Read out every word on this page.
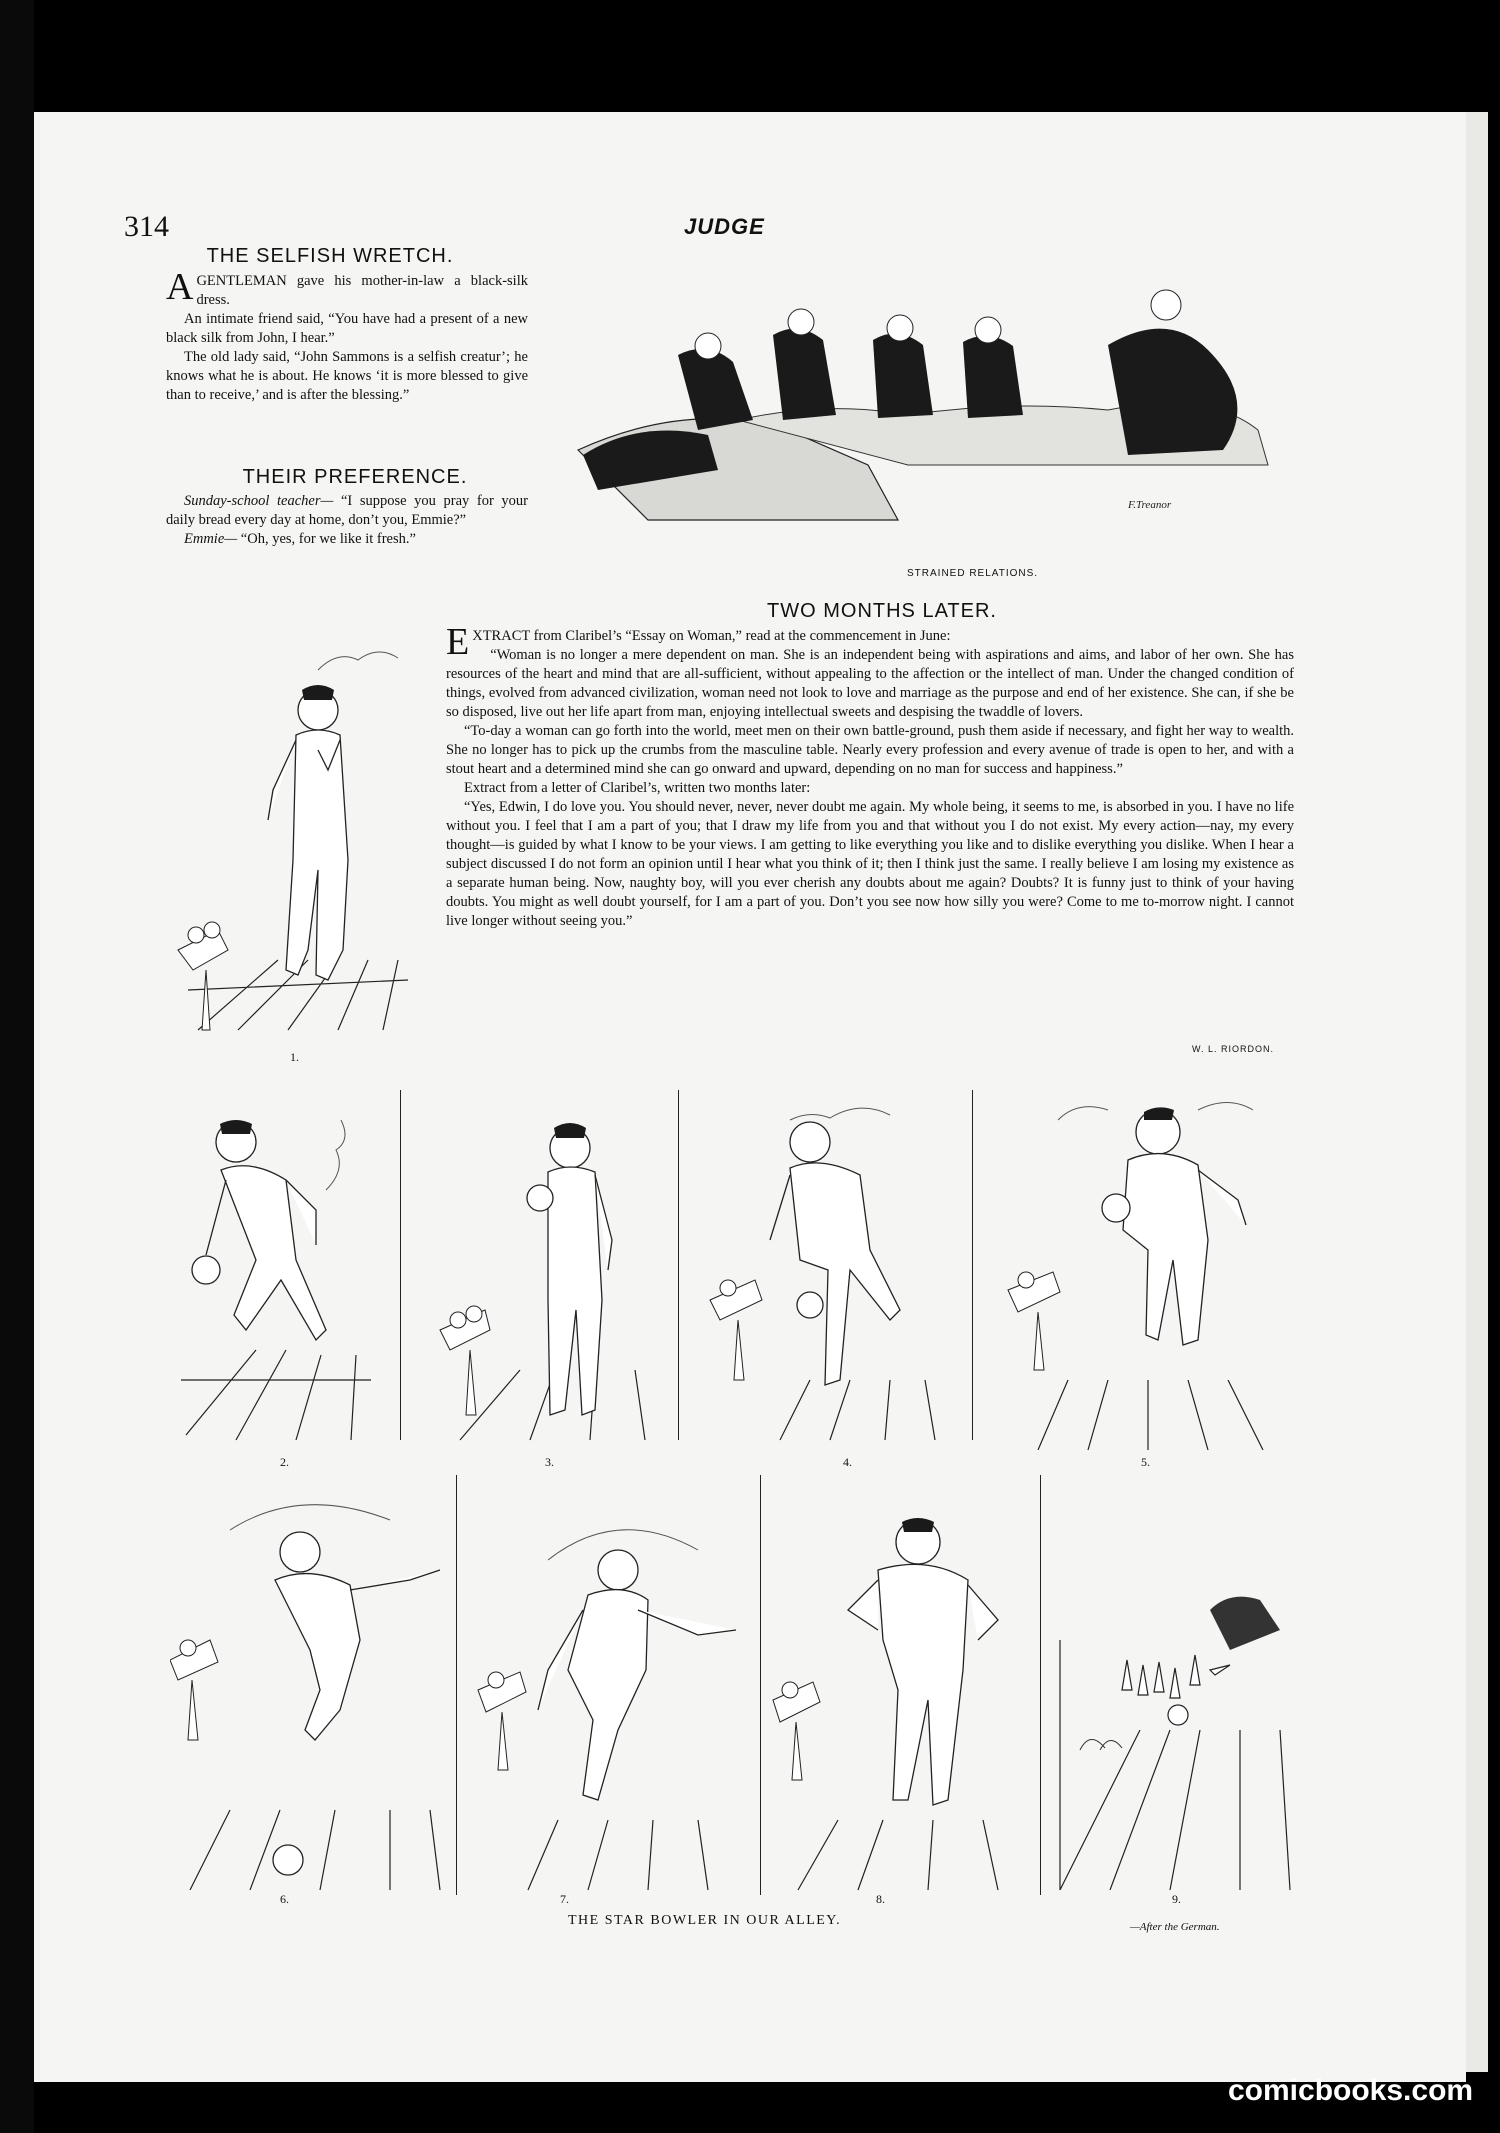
314	JUDGE
THE SELFISH WRETCH.

AGENTLEMAN gave his mother-in-law a black-silk dress.

An intimate friend said, “You have had a present of a new black silk from John, I hear.”

The old lady said, “John Sammons is a selfish creatur’; he knows what he is about. He knows ‘it is more blessed to give than to receive,’ and is after the blessing.”

THEIR PREFERENCE.

Sunday-school teacher— “I suppose you pray for your daily bread every day at home, don’t you, Emmie?”

Emmie— “Oh, yes, for we like it fresh.”

F.Treanor
STRAINED RELATIONS.
TWO MONTHS LATER.

EXTRACT from Claribel’s “Essay on Woman,” read at the commencement in June:

“Woman is no longer a mere dependent on man. She is an independent being with aspirations and aims, and labor of her own. She has resources of the heart and mind that are all-sufficient, without appealing to the affection or the intellect of man. Under the changed condition of things, evolved from advanced civilization, woman need not look to love and marriage as the purpose and end of her existence. She can, if she be so disposed, live out her life apart from man, enjoying intellectual sweets and despising the twaddle of lovers.

“To-day a woman can go forth into the world, meet men on their own battle-ground, push them aside if necessary, and fight her way to wealth. She no longer has to pick up the crumbs from the masculine table. Nearly every profession and every avenue of trade is open to her, and with a stout heart and a determined mind she can go onward and upward, depending on no man for success and happiness.”

Extract from a letter of Claribel’s, written two months later:

“Yes, Edwin, I do love you. You should never, never, never doubt me again. My whole being, it seems to me, is absorbed in you. I have no life without you. I feel that I am a part of you; that I draw my life from you and that without you I do not exist. My every action—nay, my every thought—is guided by what I know to be your views. I am getting to like everything you like and to dislike everything you dislike. When I hear a subject discussed I do not form an opinion until I hear what you think of it; then I think just the same. I really believe I am losing my existence as a separate human being. Now, naughty boy, will you ever cherish any doubts about me again? Doubts? It is funny just to think of your having doubts. You might as well doubt yourself, for I am a part of you. Don’t you see now how silly you were? Come to me to-morrow night. I cannot live longer without seeing you.”

W. L. RIORDON.
1.
2.	3.	4.	5.
6.	7.	8.	9.
THE STAR BOWLER IN OUR ALLEY.	—After the German.
comicbooks.com
